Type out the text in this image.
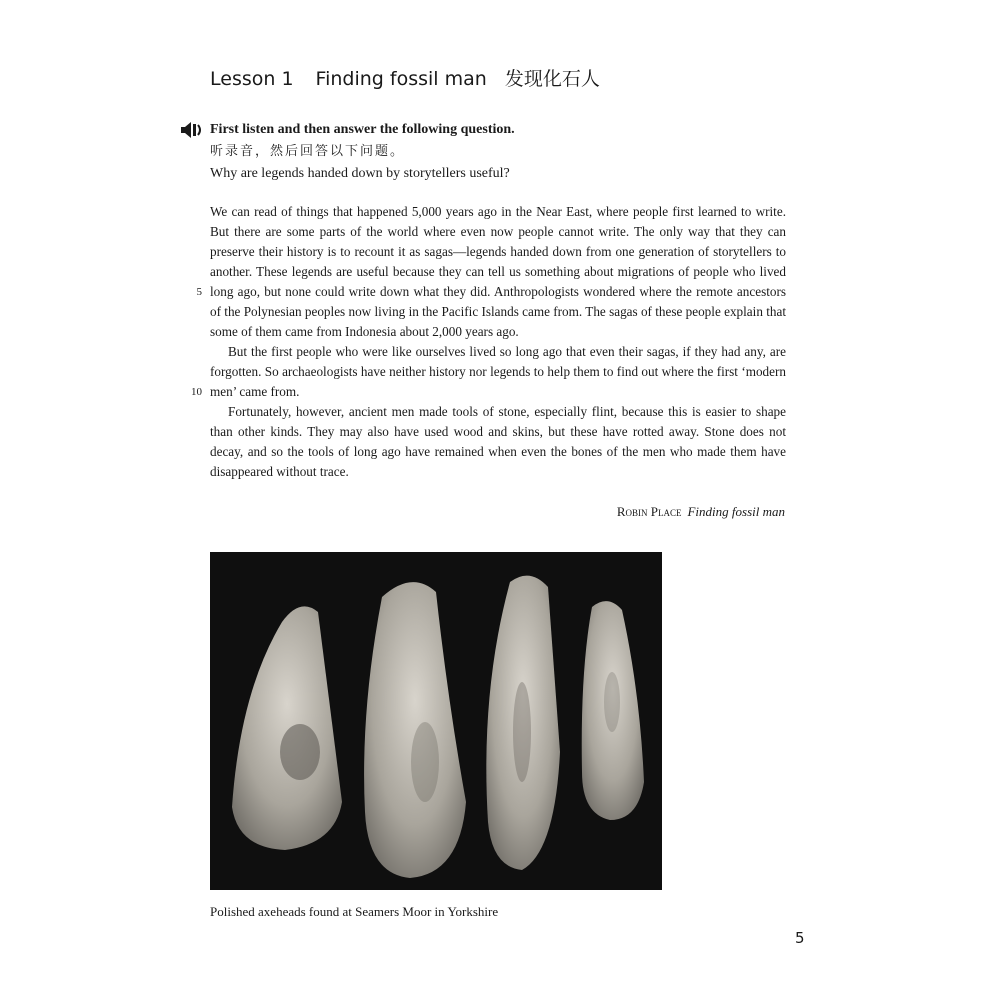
Lesson 1 Finding fossil man 发现化石人
First listen and then answer the following question.
听录音，然后回答以下问题。
Why are legends handed down by storytellers useful?

We can read of things that happened 5,000 years ago in the Near East, where people first learned to write. But there are some parts of the world where even now people cannot write. The only way that they can preserve their history is to recount it as sagas—legends handed down from one generation of storytellers to another. These legends are useful because they can tell us something about migrations of people who lived long ago, but none could write down what they did. Anthropologists wondered where the remote ancestors of the Polynesian peoples now living in the Pacific Islands came from. The sagas of these people explain that some of them came from Indonesia about 2,000 years ago.

But the first people who were like ourselves lived so long ago that even their sagas, if they had any, are forgotten. So archaeologists have neither history nor legends to help them to find out where the first ‘modern men’ came from.

Fortunately, however, ancient men made tools of stone, especially flint, because this is easier to shape than other kinds. They may also have used wood and skins, but these have rotted away. Stone does not decay, and so the tools of long ago have remained when even the bones of the men who made them have disappeared without trace.

5
10
Robin Place Finding fossil man
Polished axeheads found at Seamers Moor in Yorkshire
5
